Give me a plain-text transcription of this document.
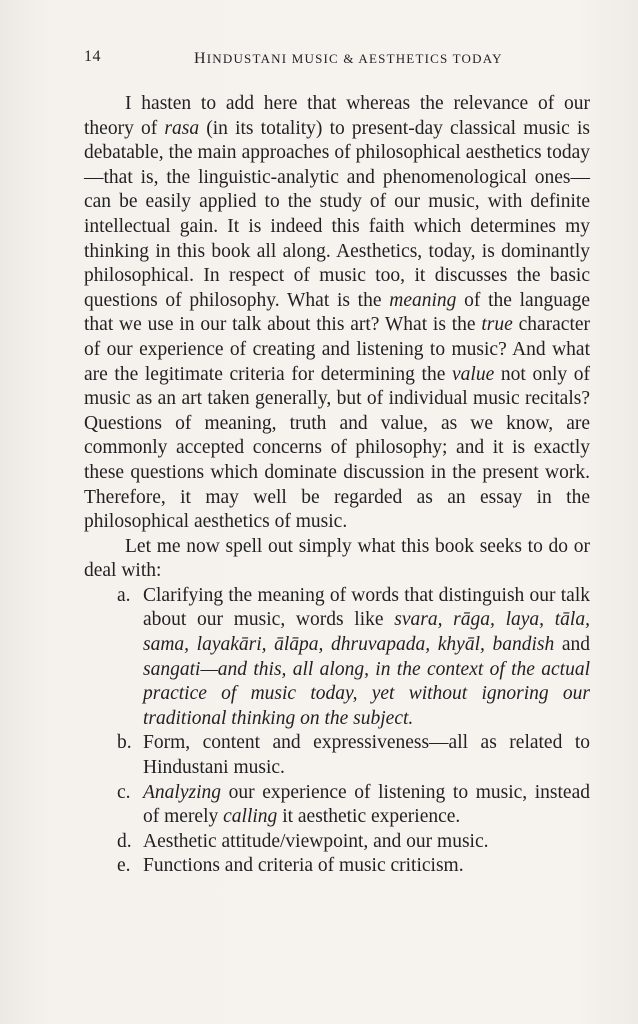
14	HINDUSTANI MUSIC & AESTHETICS TODAY

I hasten to add here that whereas the relevance of our theory of rasa (in its totality) to present-day classical music is debatable, the main approaches of philosophical aesthetics today—that is, the linguistic-analytic and phenomenological ones—can be easily applied to the study of our music, with definite intellectual gain. It is indeed this faith which determines my thinking in this book all along. Aesthetics, today, is dominantly philosophical. In respect of music too, it discusses the basic questions of philosophy. What is the meaning of the language that we use in our talk about this art? What is the true character of our experience of creating and listening to music? And what are the legitimate criteria for determining the value not only of music as an art taken generally, but of individual music recitals? Questions of meaning, truth and value, as we know, are commonly accepted concerns of philosophy; and it is exactly these questions which dominate discussion in the present work. Therefore, it may well be regarded as an essay in the philosophical aesthetics of music.

Let me now spell out simply what this book seeks to do or deal with:

a. Clarifying the meaning of words that distinguish our talk about our music, words like svara, rāga, laya, tāla, sama, layakāri, ālāpa, dhruvapada, khyāl, bandish and sangati—and this, all along, in the context of the actual practice of music today, yet without ignoring our traditional thinking on the subject.
b. Form, content and expressiveness—all as related to Hindustani music.
c. Analyzing our experience of listening to music, instead of merely calling it aesthetic experience.
d. Aesthetic attitude/viewpoint, and our music.
e. Functions and criteria of music criticism.
